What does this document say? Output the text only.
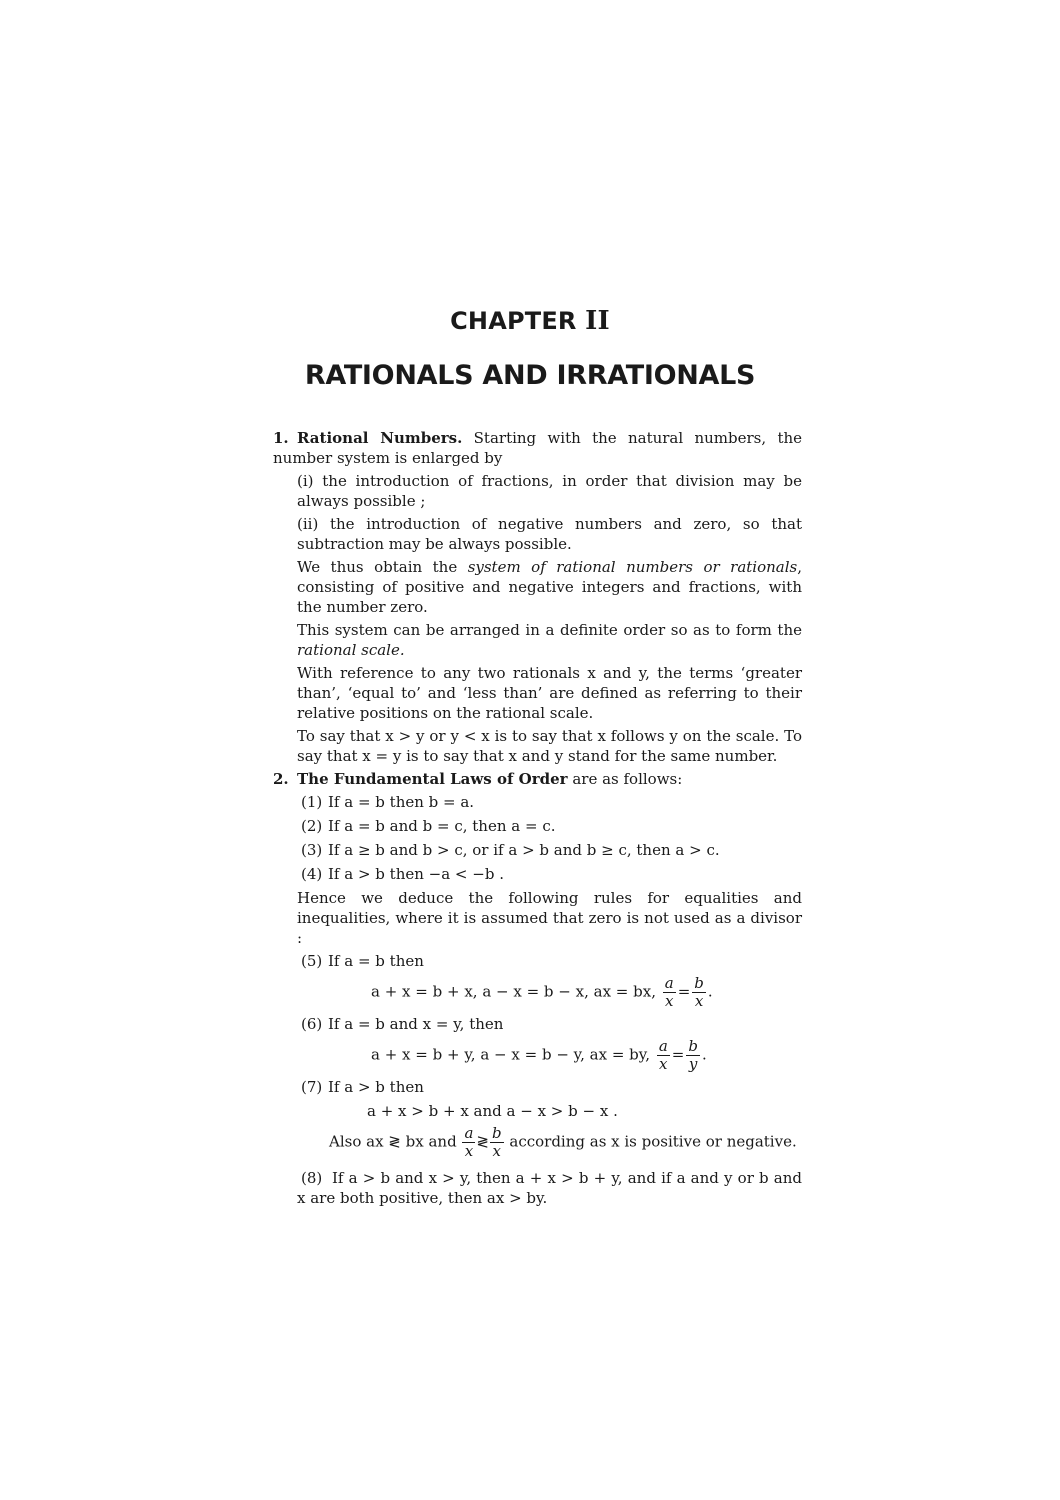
CHAPTER II
RATIONALS AND IRRATIONALS

1. Rational Numbers. Starting with the natural numbers, the number system is enlarged by

(i) the introduction of fractions, in order that division may be always possible ;

(ii) the introduction of negative numbers and zero, so that subtraction may be always possible.

We thus obtain the system of rational numbers or rationals, consisting of positive and negative integers and fractions, with the number zero.

This system can be arranged in a definite order so as to form the rational scale.

With reference to any two rationals x and y, the terms ‘greater than’, ‘equal to’ and ‘less than’ are defined as referring to their relative positions on the rational scale.

To say that x > y or y < x is to say that x follows y on the scale. To say that x = y is to say that x and y stand for the same number.

2. The Fundamental Laws of Order are as follows:

(1) If a = b then b = a.

(2) If a = b and b = c, then a = c.

(3) If a ≥ b and b > c, or if a > b and b ≥ c, then a > c.

(4) If a > b then −a < −b .

Hence we deduce the following rules for equalities and inequalities, where it is assumed that zero is not used as a divisor :

(5) If a = b then

a + x = b + x, a − x = b − x, ax = bx, $\frac{a}{x} = \frac{b}{x}$ .

(6) If a = b and x = y, then

a + x = b + y, a − x = b − y, ax = by, $\frac{a}{x} = \frac{b}{y}$ .

(7) If a > b then

a + x > b + x and a − x > b − x .
Also ax ≷ bx and $\frac{a}{x}$ ≷ $\frac{b}{x}$ according as x is positive or negative.

(8) If a > b and x > y, then a + x > b + y, and if a and y or b and x are both positive, then ax > by.
